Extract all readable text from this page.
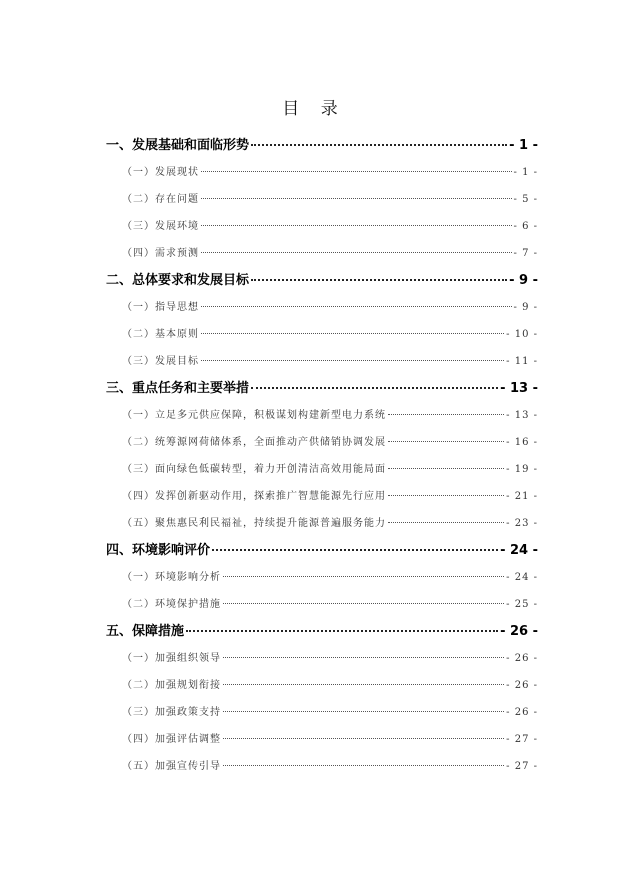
目 录
一、发展基础和面临形势	- 1 -
（一）发展现状	- 1 -
（二）存在问题	- 5 -
（三）发展环境	- 6 -
（四）需求预测	- 7 -
二、总体要求和发展目标	- 9 -
（一）指导思想	- 9 -
（二）基本原则	- 10 -
（三）发展目标	- 11 -
三、重点任务和主要举措	- 13 -
（一）立足多元供应保障，积极谋划构建新型电力系统	- 13 -
（二）统筹源网荷储体系，全面推动产供储销协调发展	- 16 -
（三）面向绿色低碳转型，着力开创清洁高效用能局面	- 19 -
（四）发挥创新驱动作用，探索推广智慧能源先行应用	- 21 -
（五）聚焦惠民利民福祉，持续提升能源普遍服务能力	- 23 -
四、环境影响评价	- 24 -
（一）环境影响分析	- 24 -
（二）环境保护措施	- 25 -
五、保障措施	- 26 -
（一）加强组织领导	- 26 -
（二）加强规划衔接	- 26 -
（三）加强政策支持	- 26 -
（四）加强评估调整	- 27 -
（五）加强宣传引导	- 27 -
